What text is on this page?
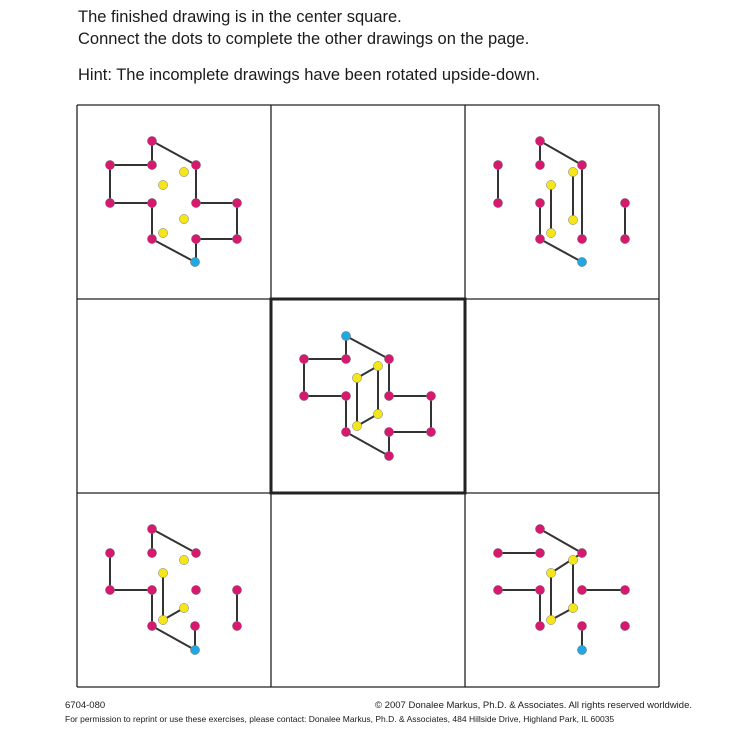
The finished drawing is in the center square.

Connect the dots to complete the other drawings on the page.

Hint: The incomplete drawings have been rotated upside-down.

6704-080	© 2007 Donalee Markus, Ph.D. & Associates. All rights reserved worldwide.
For permission to reprint or use these exercises, please contact: Donalee Markus, Ph.D. & Associates, 484 Hillside Drive, Highland Park, IL 60035
